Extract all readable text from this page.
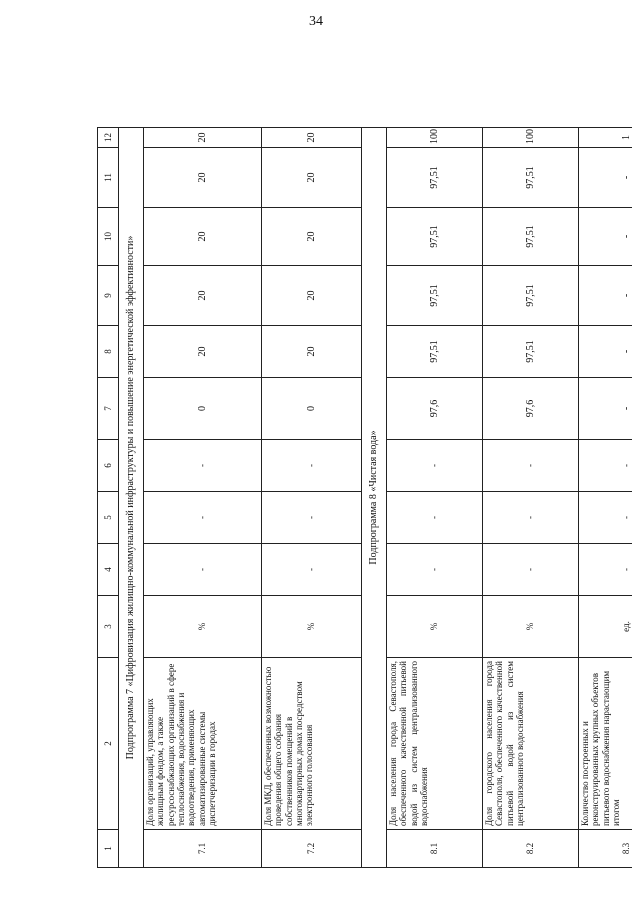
34
1	2	3	4	5	6	7	8	9	10	11	12
Подпрограмма 7 «Цифровизация жилищно-коммунальной инфраструктуры и повышение энергетической эффективности»											
7.1	Доля организаций, управляющих жилищным фондом, а также ресурсоснабжающих организаций в сфере теплоснабжения, водоснабжения и водоотведения, применяющих автоматизированные системы диспетчеризации в городах	%	-	-	-	0	20	20	20	20	20
7.2	Доля МКД, обеспеченных возможностью проведения общего собрания собственников помещений в многоквартирных домах посредством электронного голосования	%	-	-	-	0	20	20	20	20	20
Подпрограмма 8 «Чистая вода»											
8.1	Доля населения города Севастополя, обеспеченного качественной питьевой водой из систем централизованного водоснабжения	%	-	-	-	97,6	97,51	97,51	97,51	97,51	100
8.2	Доля городского населения города Севастополя, обеспеченного качественной питьевой водой из систем централизованного водоснабжения	%	-	-	-	97,6	97,51	97,51	97,51	97,51	100
8.3	Количество построенных и реконструированных крупных объектов питьевого водоснабжения нарастающим итогом	ед.	-	-	-	-	-	-	-	-	1
